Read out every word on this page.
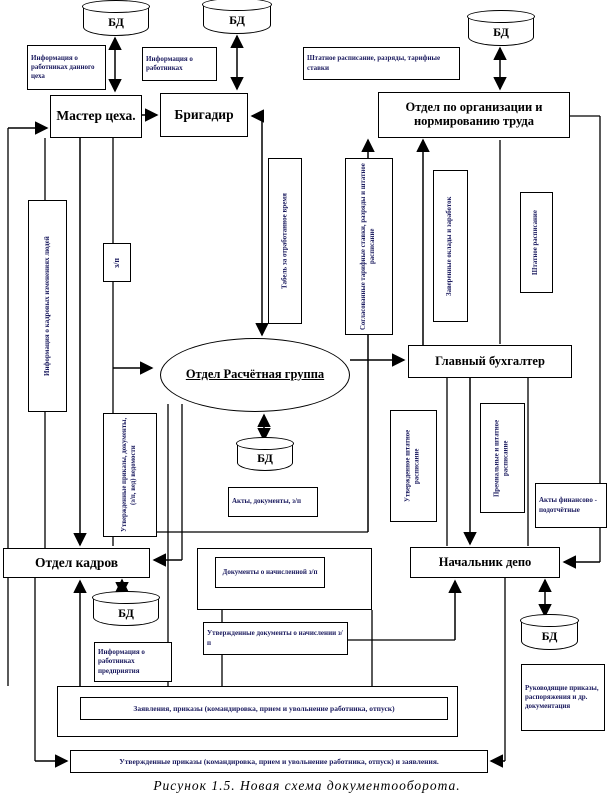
БД	БД
БД
БД
БД
БД
Мастер цеха.	Бригадир	Отдел по организации и нормированию труда
Отдел Расчётная группа
Главный бухгалтер
Отдел кадров	Начальник депо
Информация о работниках данного цеха
Информация о работниках
Штатное расписание, разряды, тарифные ставки
Акты, документы, з/п	Акты финансово - подотчётные
Документы о начисленной з/п
Утвержденные документы о начислении з/п
Информация о работниках предприятия
Руководящие приказы, распоряжения и др. документация
Заявления, приказы (командировка, прием и увольнение работника, отпуск)
Утвержденные приказы (командировка, прием и увольнение работника, отпуск) и заявления.
Информация о кадровых изменениях людей	з/п	Табель за отработанное время	Согласованные тарифные ставки, разряды и штатное расписание	Заверенные оклады и заработок	Штатное расписание
Утвержденные приказы, документы, (з/п, вед) ведомости	Утвержденное штатное расписание	Премиальные и штатное расписание
Рисунок 1.5. Новая схема документооборота.
